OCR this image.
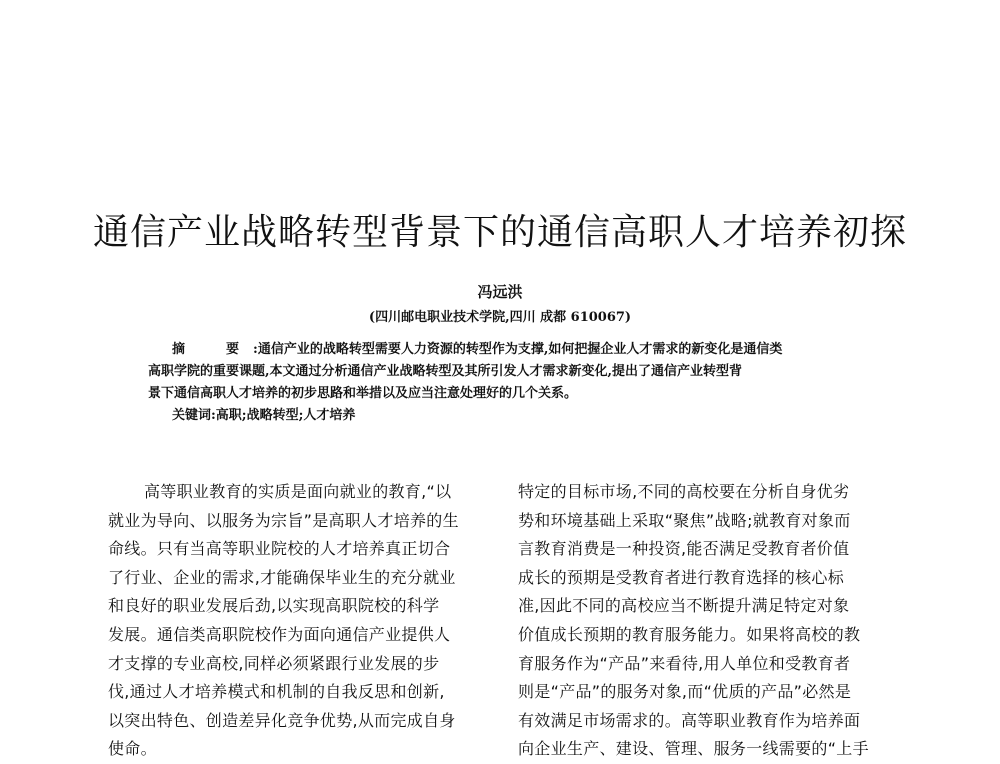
通信产业战略转型背景下的通信高职人才培养初探
冯远洪
(四川邮电职业技术学院,四川 成都 610067)
摘　要:通信产业的战略转型需要人力资源的转型作为支撑,如何把握企业人才需求的新变化是通信类
高职学院的重要课题,本文通过分析通信产业战略转型及其所引发人才需求新变化,提出了通信产业转型背
景下通信高职人才培养的初步思路和举措以及应当注意处理好的几个关系。
关键词:高职;战略转型;人才培养
高等职业教育的实质是面向就业的教育,“以
就业为导向、以服务为宗旨”是高职人才培养的生
命线。只有当高等职业院校的人才培养真正切合
了行业、企业的需求,才能确保毕业生的充分就业
和良好的职业发展后劲,以实现高职院校的科学
发展。通信类高职院校作为面向通信产业提供人
才支撑的专业高校,同样必须紧跟行业发展的步
伐,通过人才培养模式和机制的自我反思和创新,
以突出特色、创造差异化竞争优势,从而完成自身
使命。
特定的目标市场,不同的高校要在分析自身优劣
势和环境基础上采取“聚焦”战略;就教育对象而
言教育消费是一种投资,能否满足受教育者价值
成长的预期是受教育者进行教育选择的核心标
准,因此不同的高校应当不断提升满足特定对象
价值成长预期的教育服务能力。如果将高校的教
育服务作为“产品”来看待,用人单位和受教育者
则是“产品”的服务对象,而“优质的产品”必然是
有效满足市场需求的。高等职业教育作为培养面
向企业生产、建设、管理、服务一线需要的“上手
